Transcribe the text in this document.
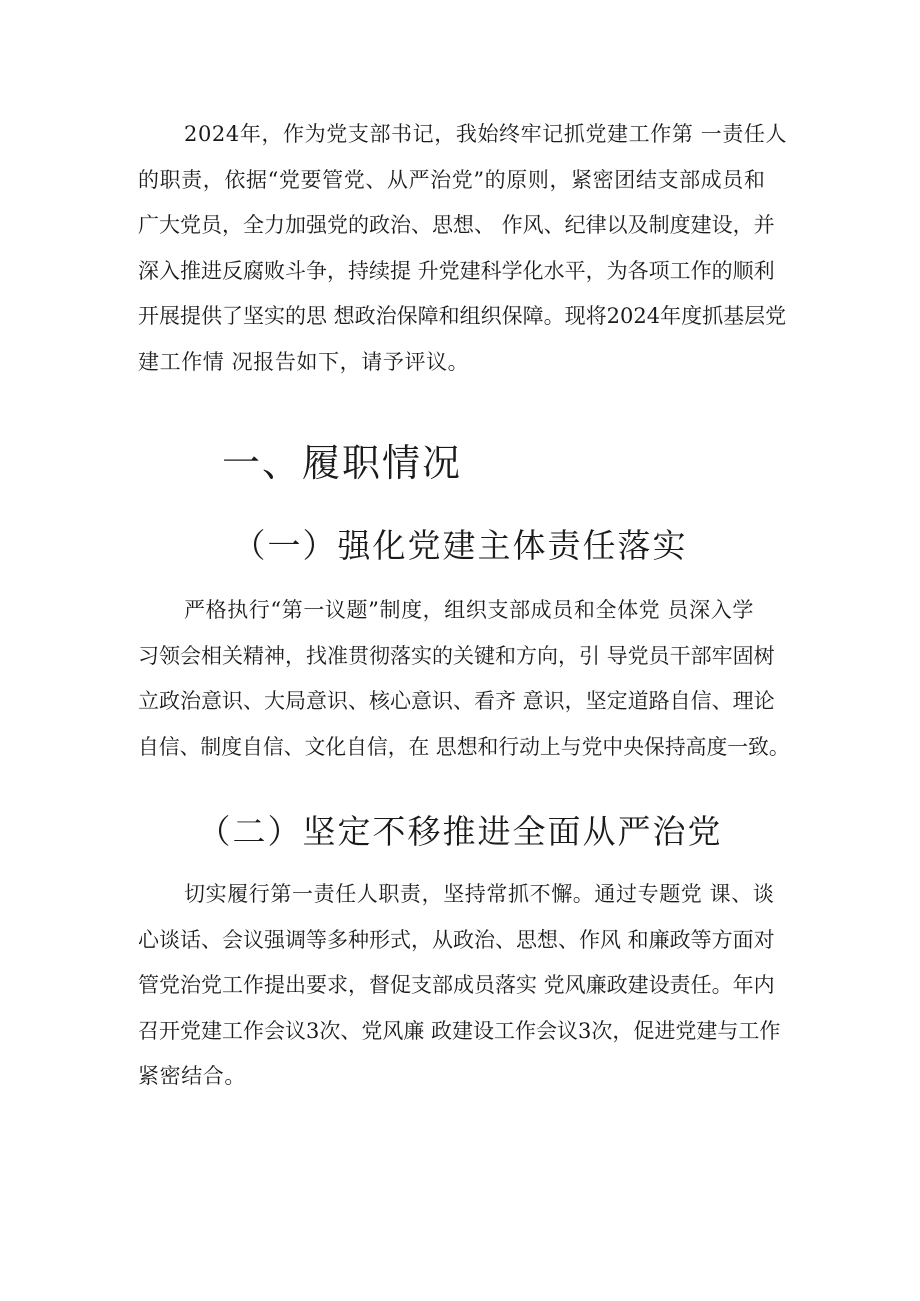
2024年，作为党支部书记，我始终牢记抓党建工作第 一责任人
的职责，依据“党要管党、从严治党”的原则，紧密团结支部成员和
广大党员，全力加强党的政治、思想、 作风、纪律以及制度建设，并
深入推进反腐败斗争，持续提 升党建科学化水平，为各项工作的顺利
开展提供了坚实的思 想政治保障和组织保障。现将2024年度抓基层党
建工作情 况报告如下，请予评议。
一、履职情况
（一）强化党建主体责任落实
严格执行“第一议题”制度，组织支部成员和全体党 员深入学
习领会相关精神，找准贯彻落实的关键和方向，引 导党员干部牢固树
立政治意识、大局意识、核心意识、看齐 意识，坚定道路自信、理论
自信、制度自信、文化自信，在 思想和行动上与党中央保持高度一致。
（二）坚定不移推进全面从严治党
切实履行第一责任人职责，坚持常抓不懈。通过专题党 课、谈
心谈话、会议强调等多种形式，从政治、思想、作风 和廉政等方面对
管党治党工作提出要求，督促支部成员落实 党风廉政建设责任。年内
召开党建工作会议3次、党风廉 政建设工作会议3次，促进党建与工作
紧密结合。
